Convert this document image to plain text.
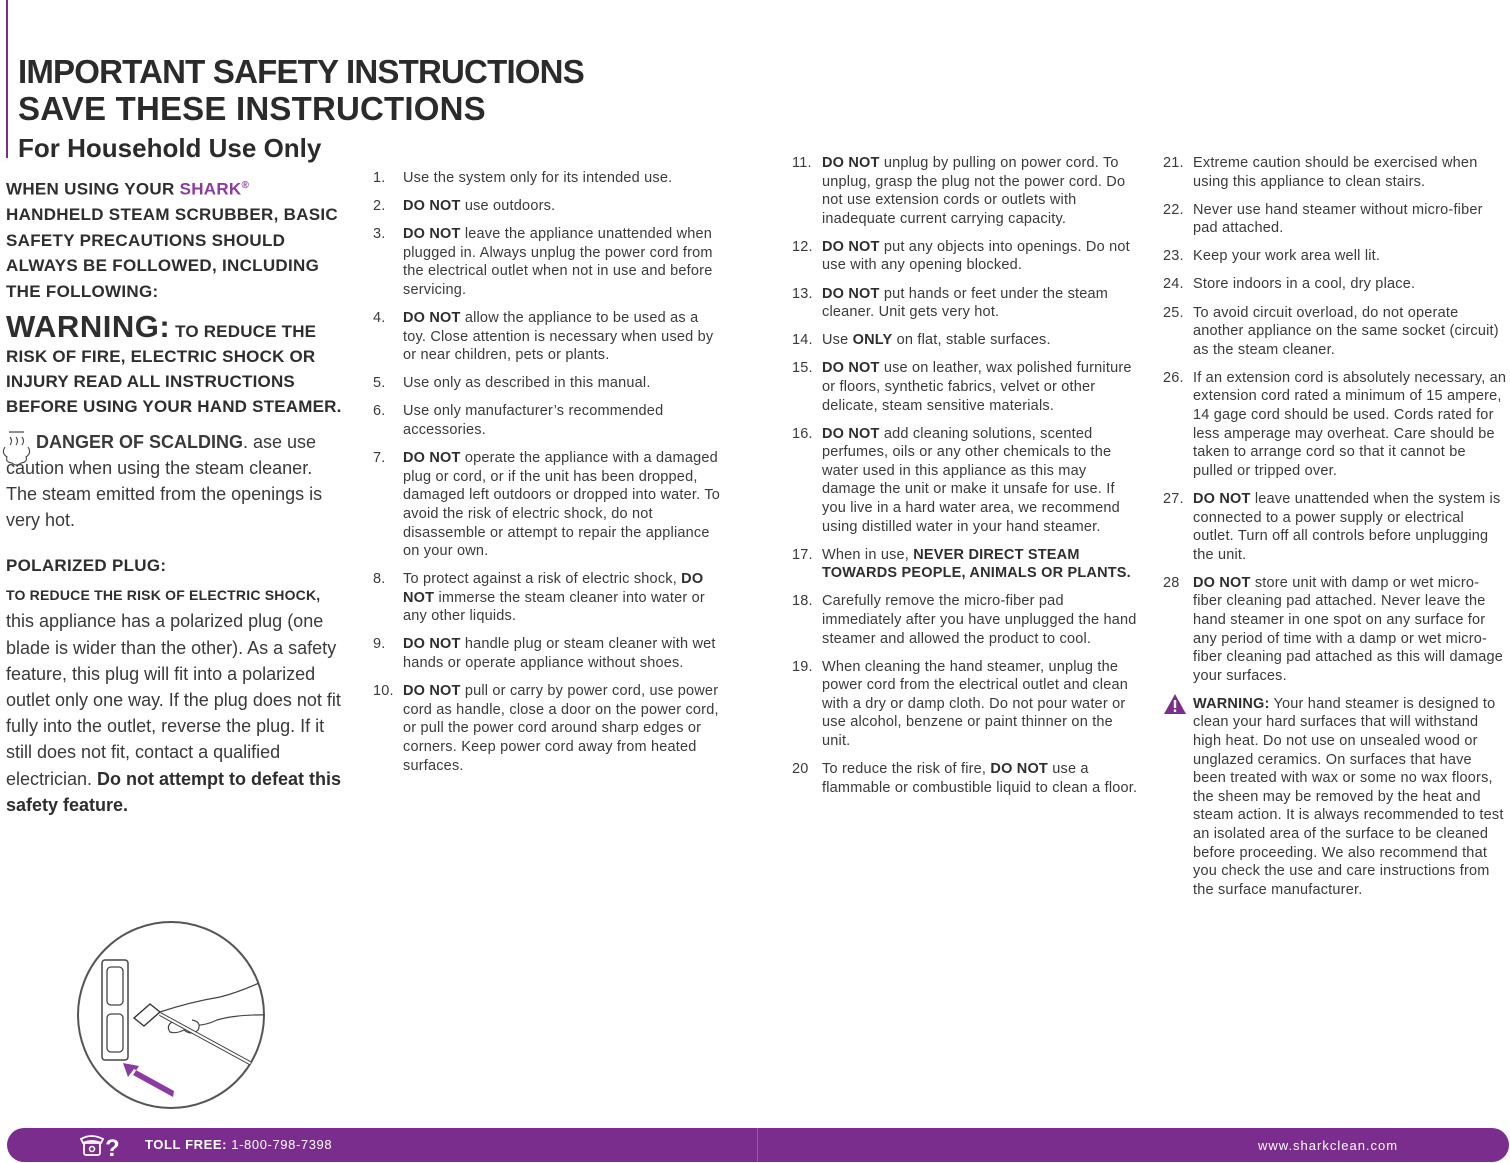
IMPORTANT SAFETY INSTRUCTIONS
SAVE THESE INSTRUCTIONS
For Household Use Only

WHEN USING YOUR SHARK® HANDHELD STEAM SCRUBBER, BASIC SAFETY PRECAUTIONS SHOULD ALWAYS BE FOLLOWED, INCLUDING THE FOLLOWING:

WARNING: TO REDUCE THE RISK OF FIRE, ELECTRIC SHOCK OR INJURY READ ALL INSTRUCTIONS BEFORE USING YOUR HAND STEAMER.

DANGER OF SCALDING. ase use caution when using the steam cleaner. The steam emitted from the openings is very hot.

POLARIZED PLUG:

TO REDUCE THE RISK OF ELECTRIC SHOCK, this appliance has a polarized plug (one blade is wider than the other). As a safety feature, this plug will fit into a polarized outlet only one way. If the plug does not fit fully into the outlet, reverse the plug. If it still does not fit, contact a qualified electrician. Do not attempt to defeat this safety feature.

1. Use the system only for its intended use.
2. DO NOT use outdoors.
3. DO NOT leave the appliance unattended when plugged in. Always unplug the power cord from the electrical outlet when not in use and before servicing.
4. DO NOT allow the appliance to be used as a toy. Close attention is necessary when used by or near children, pets or plants.
5. Use only as described in this manual.
6. Use only manufacturer’s recommended accessories.
7. DO NOT operate the appliance with a damaged plug or cord, or if the unit has been dropped, damaged left outdoors or dropped into water. To avoid the risk of electric shock, do not disassemble or attempt to repair the appliance on your own.
8. To protect against a risk of electric shock, DO NOT immerse the steam cleaner into water or any other liquids.
9. DO NOT handle plug or steam cleaner with wet hands or operate appliance without shoes.
10. DO NOT pull or carry by power cord, use power cord as handle, close a door on the power cord, or pull the power cord around sharp edges or corners. Keep power cord away from heated surfaces.
11. DO NOT unplug by pulling on power cord. To unplug, grasp the plug not the power cord. Do not use extension cords or outlets with inadequate current carrying capacity.
12. DO NOT put any objects into openings. Do not use with any opening blocked.
13. DO NOT put hands or feet under the steam cleaner. Unit gets very hot.
14. Use ONLY on flat, stable surfaces.
15. DO NOT use on leather, wax polished furniture or floors, synthetic fabrics, velvet or other delicate, steam sensitive materials.
16. DO NOT add cleaning solutions, scented perfumes, oils or any other chemicals to the water used in this appliance as this may damage the unit or make it unsafe for use. If you live in a hard water area, we recommend using distilled water in your hand steamer.
17. When in use, NEVER DIRECT STEAM TOWARDS PEOPLE, ANIMALS OR PLANTS.
18. Carefully remove the micro-fiber pad immediately after you have unplugged the hand steamer and allowed the product to cool.
19. When cleaning the hand steamer, unplug the power cord from the electrical outlet and clean with a dry or damp cloth. Do not pour water or use alcohol, benzene or paint thinner on the unit.
20 To reduce the risk of fire, DO NOT use a flammable or combustible liquid to clean a floor.
21. Extreme caution should be exercised when using this appliance to clean stairs.
22. Never use hand steamer without micro-fiber pad attached.
23. Keep your work area well lit.
24. Store indoors in a cool, dry place.
25. To avoid circuit overload, do not operate another appliance on the same socket (circuit) as the steam cleaner.
26. If an extension cord is absolutely necessary, an extension cord rated a minimum of 15 ampere, 14 gage cord should be used. Cords rated for less amperage may overheat. Care should be taken to arrange cord so that it cannot be pulled or tripped over.
27. DO NOT leave unattended when the system is connected to a power supply or electrical outlet. Turn off all controls before unplugging the unit.
28 DO NOT store unit with damp or wet micro-fiber cleaning pad attached. Never leave the hand steamer in one spot on any surface for any period of time with a damp or wet micro-fiber cleaning pad attached as this will damage your surfaces.
WARNING: Your hand steamer is designed to clean your hard surfaces that will withstand high heat. Do not use on unsealed wood or unglazed ceramics. On surfaces that have been treated with wax or some no wax floors, the sheen may be removed by the heat and steam action. It is always recommended to test an isolated area of the surface to be cleaned before proceeding. We also recommend that you check the use and care instructions from the surface manufacturer.
? TOLL FREE: 1-800-798-7398	www.sharkclean.com
